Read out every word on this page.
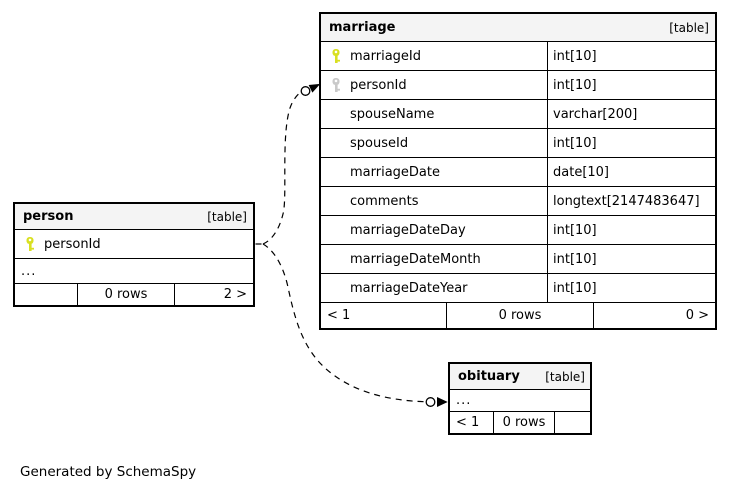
marriage	[table]
marriageId	int[10]
personId	int[10]
spouseName	varchar[200]
spouseId	int[10]
marriageDate	date[10]
comments	longtext[2147483647]
marriageDateDay	int[10]
marriageDateMonth	int[10]
marriageDateYear	int[10]
< 1	0 rows	0 >
person	[table]
personId
...
0 rows	2 >
obituary [table]
...
< 1	0 rows
Generated by SchemaSpy
